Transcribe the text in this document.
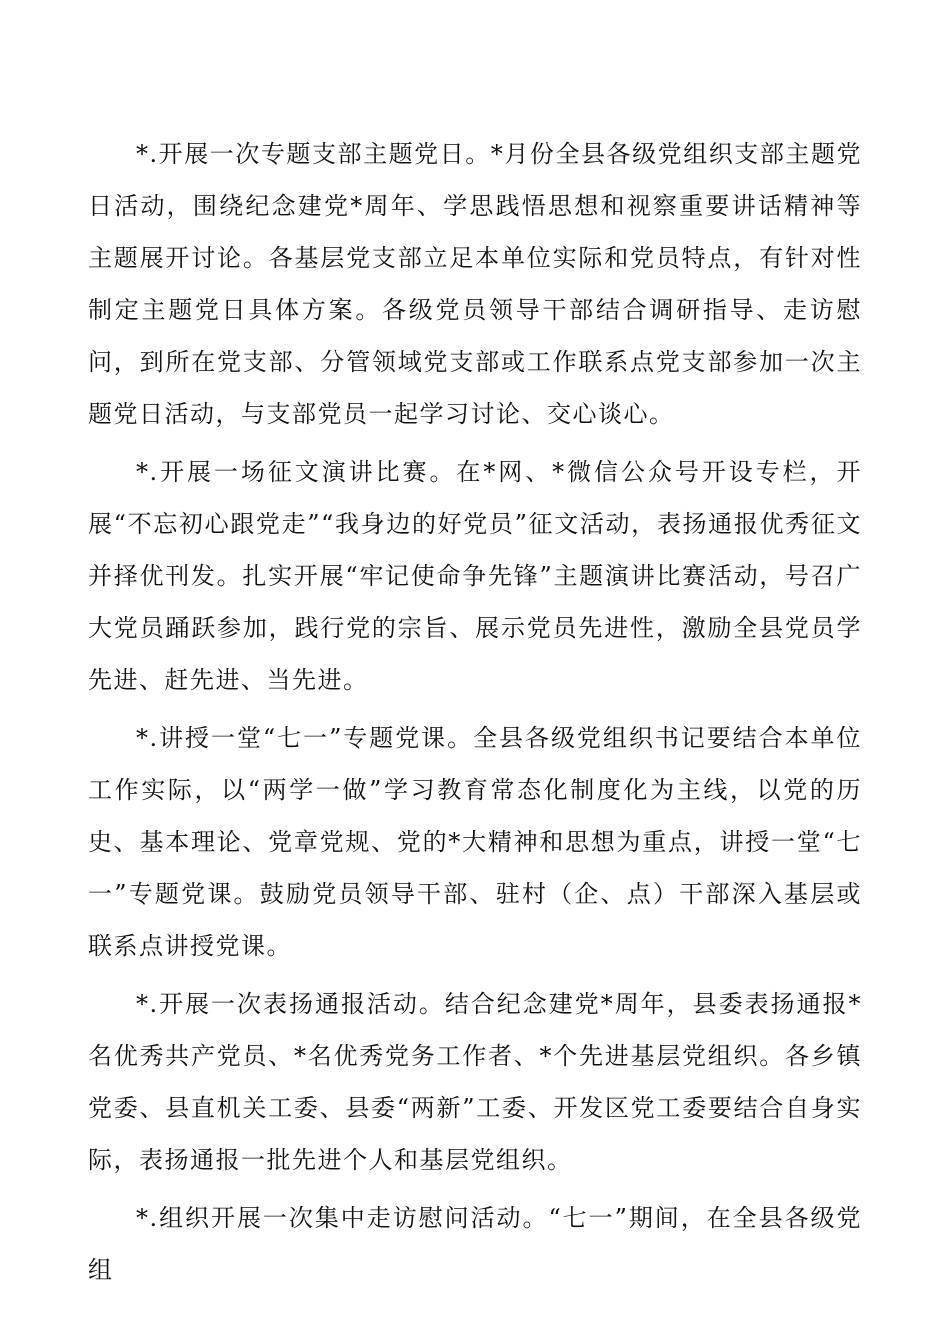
*.开展一次专题支部主题党日。*月份全县各级党组织支部主题党日活动，围绕纪念建党*周年、学思践悟思想和视察重要讲话精神等主题展开讨论。各基层党支部立足本单位实际和党员特点，有针对性制定主题党日具体方案。各级党员领导干部结合调研指导、走访慰问，到所在党支部、分管领域党支部或工作联系点党支部参加一次主题党日活动，与支部党员一起学习讨论、交心谈心。

*.开展一场征文演讲比赛。在*网、*微信公众号开设专栏，开展“不忘初心跟党走”“我身边的好党员”征文活动，表扬通报优秀征文并择优刊发。扎实开展“牢记使命争先锋”主题演讲比赛活动，号召广大党员踊跃参加，践行党的宗旨、展示党员先进性，激励全县党员学先进、赶先进、当先进。

*.讲授一堂“七一”专题党课。全县各级党组织书记要结合本单位工作实际，以“两学一做”学习教育常态化制度化为主线，以党的历史、基本理论、党章党规、党的*大精神和思想为重点，讲授一堂“七一”专题党课。鼓励党员领导干部、驻村（企、点）干部深入基层或联系点讲授党课。

*.开展一次表扬通报活动。结合纪念建党*周年，县委表扬通报*名优秀共产党员、*名优秀党务工作者、*个先进基层党组织。各乡镇党委、县直机关工委、县委“两新”工委、开发区党工委要结合自身实际，表扬通报一批先进个人和基层党组织。

*.组织开展一次集中走访慰问活动。“七一”期间，在全县各级党组
